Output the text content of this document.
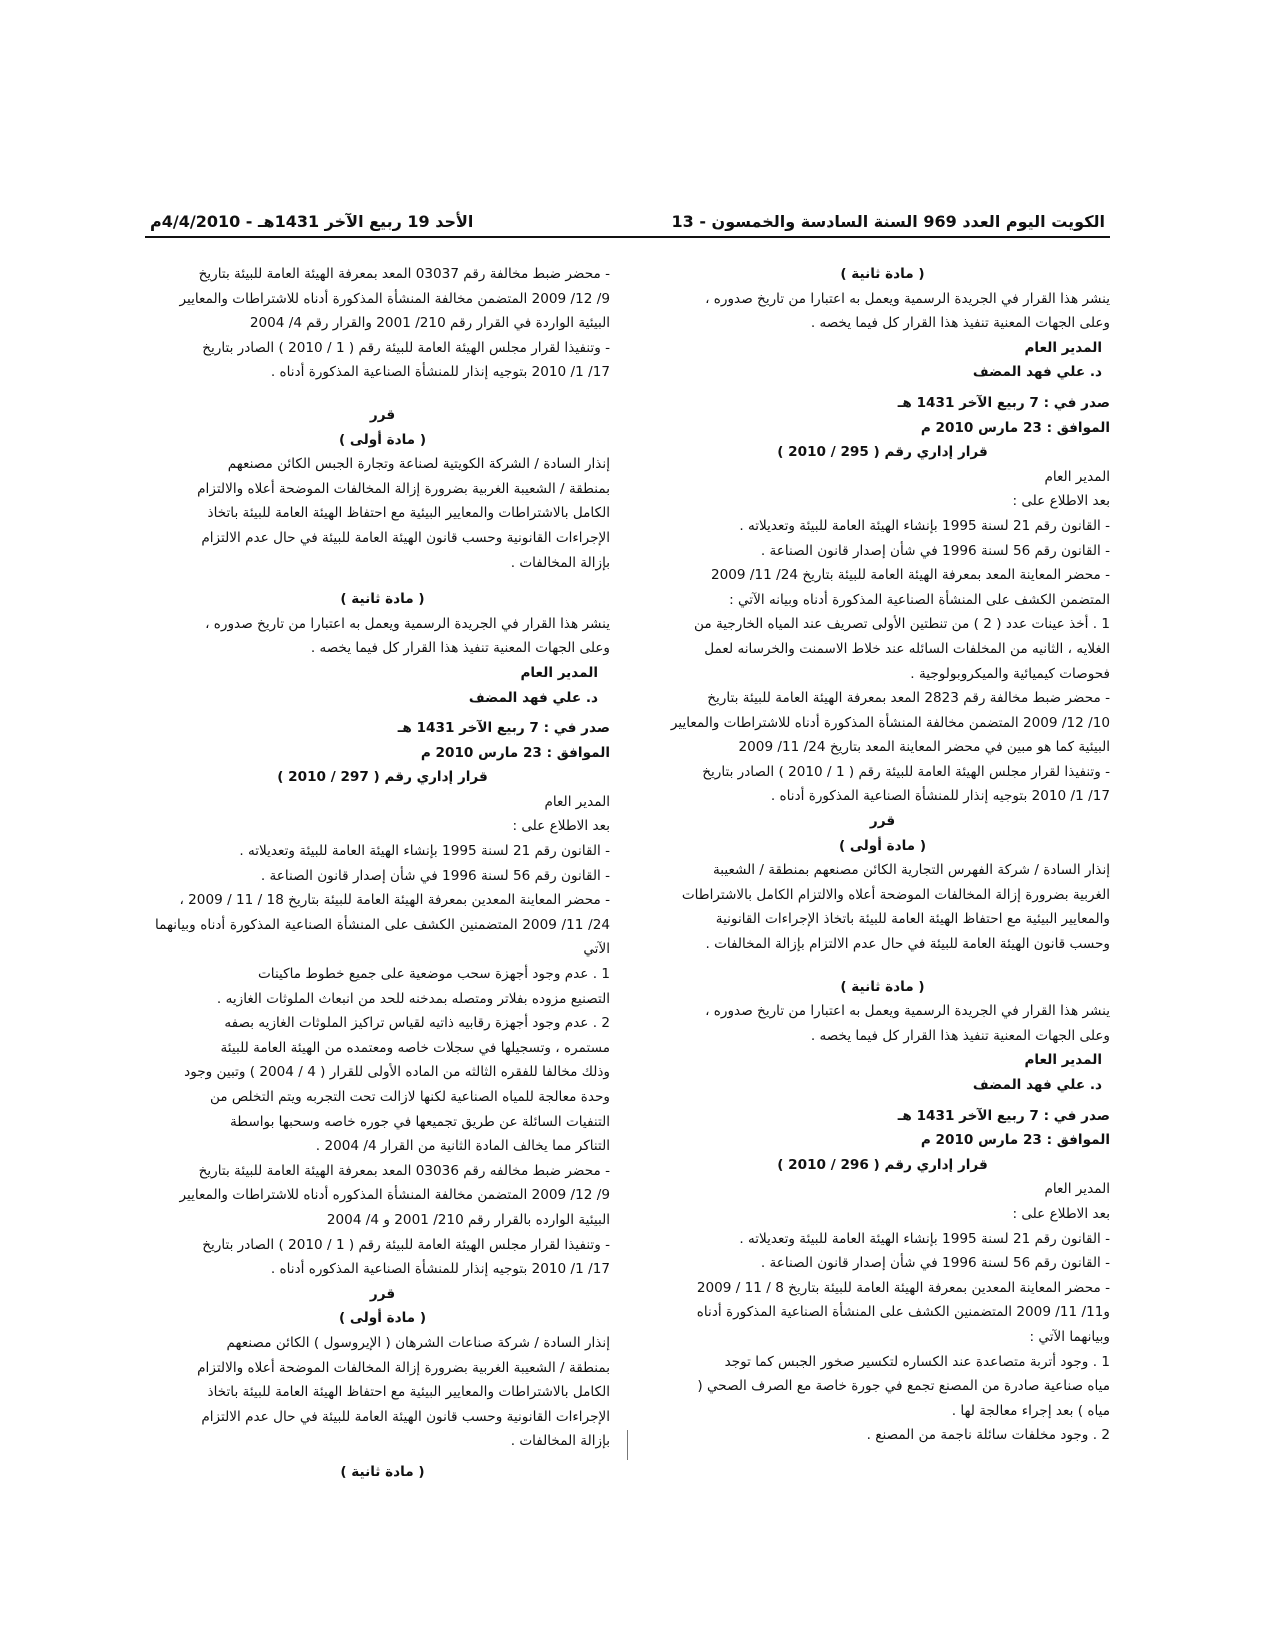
الكويت اليوم العدد 969 السنة السادسة والخمسون - 13
الأحد 19 ربيع الآخر 1431هـ - 4/4/2010م

( مادة ثانية )

ينشر هذا القرار في الجريدة الرسمية ويعمل به اعتبارا من تاريخ صدوره ،

وعلى الجهات المعنية تنفيذ هذا القرار كل فيما يخصه .

المدير العام

د. علي فهد المضف

صدر في : 7 ربيع الآخر 1431 هـ

الموافق : 23 مارس 2010 م

قرار إداري رقم ( 295 / 2010 )

المدير العام

بعد الاطلاع على :

- القانون رقم 21 لسنة 1995 بإنشاء الهيئة العامة للبيئة وتعديلاته .

- القانون رقم 56 لسنة 1996 في شأن إصدار قانون الصناعة .

- محضر المعاينة المعد بمعرفة الهيئة العامة للبيئة بتاريخ 24/ 11/ 2009

المتضمن الكشف على المنشأة الصناعية المذكورة أدناه وبيانه الآتي :

1 . أخذ عينات عدد ( 2 ) من تنطتين الأولى تصريف عند المياه الخارجية من

الغلايه ، الثانيه من المخلفات السائله عند خلاط الاسمنت والخرسانه لعمل

فحوصات كيميائية والميكروبولوجية .

- محضر ضبط مخالفة رقم 2823 المعد بمعرفة الهيئة العامة للبيئة بتاريخ

10/ 12/ 2009 المتضمن مخالفة المنشأة المذكورة أدناه للاشتراطات والمعايير

البيئية كما هو مبين في محضر المعاينة المعد بتاريخ 24/ 11/ 2009

- وتنفيذا لقرار مجلس الهيئة العامة للبيئة رقم ( 1 / 2010 ) الصادر بتاريخ

17/ 1/ 2010 بتوجيه إنذار للمنشأة الصناعية المذكورة أدناه .

قرر

( مادة أولى )

إنذار السادة / شركة الفهرس التجارية الكائن مصنعهم بمنطقة / الشعيبة

الغربية بضرورة إزالة المخالفات الموضحة أعلاه والالتزام الكامل بالاشتراطات

والمعايير البيئية مع احتفاظ الهيئة العامة للبيئة باتخاذ الإجراءات القانونية

وحسب قانون الهيئة العامة للبيئة في حال عدم الالتزام بإزالة المخالفات .

( مادة ثانية )

ينشر هذا القرار في الجريدة الرسمية ويعمل به اعتبارا من تاريخ صدوره ،

وعلى الجهات المعنية تنفيذ هذا القرار كل فيما يخصه .

المدير العام

د. علي فهد المضف

صدر في : 7 ربيع الآخر 1431 هـ

الموافق : 23 مارس 2010 م

قرار إداري رقم ( 296 / 2010 )

المدير العام

بعد الاطلاع على :

- القانون رقم 21 لسنة 1995 بإنشاء الهيئة العامة للبيئة وتعديلاته .

- القانون رقم 56 لسنة 1996 في شأن إصدار قانون الصناعة .

- محضر المعاينة المعدين بمعرفة الهيئة العامة للبيئة بتاريخ 8 / 11 / 2009

و11/ 11/ 2009 المتضمنين الكشف على المنشأة الصناعية المذكورة أدناه

وبيانهما الآتي :

1 . وجود أتربة متصاعدة عند الكساره لتكسير صخور الجبس كما توجد

مياه صناعية صادرة من المصنع تجمع في جورة خاصة مع الصرف الصحي (

مياه ) بعد إجراء معالجة لها .

2 . وجود مخلفات سائلة ناجمة من المصنع .

- محضر ضبط مخالفة رقم 03037 المعد بمعرفة الهيئة العامة للبيئة بتاريخ

9/ 12/ 2009 المتضمن مخالفة المنشأة المذكورة أدناه للاشتراطات والمعايير

البيئية الواردة في القرار رقم 210/ 2001 والقرار رقم 4/ 2004

- وتنفيذا لقرار مجلس الهيئة العامة للبيئة رقم ( 1 / 2010 ) الصادر بتاريخ

17/ 1/ 2010 بتوجيه إنذار للمنشأة الصناعية المذكورة أدناه .

قرر

( مادة أولى )

إنذار السادة / الشركة الكويتية لصناعة وتجارة الجبس الكائن مصنعهم

بمنطقة / الشعيبة الغربية بضرورة إزالة المخالفات الموضحة أعلاه والالتزام

الكامل بالاشتراطات والمعايير البيئية مع احتفاظ الهيئة العامة للبيئة باتخاذ

الإجراءات القانونية وحسب قانون الهيئة العامة للبيئة في حال عدم الالتزام

بإزالة المخالفات .

( مادة ثانية )

ينشر هذا القرار في الجريدة الرسمية ويعمل به اعتبارا من تاريخ صدوره ،

وعلى الجهات المعنية تنفيذ هذا القرار كل فيما يخصه .

المدير العام

د. علي فهد المضف

صدر في : 7 ربيع الآخر 1431 هـ

الموافق : 23 مارس 2010 م

قرار إداري رقم ( 297 / 2010 )

المدير العام

بعد الاطلاع على :

- القانون رقم 21 لسنة 1995 بإنشاء الهيئة العامة للبيئة وتعديلاته .

- القانون رقم 56 لسنة 1996 في شأن إصدار قانون الصناعة .

- محضر المعاينة المعدين بمعرفة الهيئة العامة للبيئة بتاريخ 18 / 11 / 2009 ،

24/ 11/ 2009 المتضمنين الكشف على المنشأة الصناعية المذكورة أدناه وبيانهما الآتي

1 . عدم وجود أجهزة سحب موضعية على جميع خطوط ماكينات

التصنيع مزوده بفلاتر ومتصله بمدخنه للحد من انبعاث الملوثات الغازيه .

2 . عدم وجود أجهزة رقابيه ذاتيه لقياس تراكيز الملوثات الغازيه بصفه

مستمره ، وتسجيلها في سجلات خاصه ومعتمده من الهيئة العامة للبيئة

وذلك مخالفا للفقره الثالثه من الماده الأولى للقرار ( 4 / 2004 ) وتبين وجود

وحدة معالجة للمياه الصناعية لكنها لازالت تحت التجربه ويتم التخلص من

التنفيات السائلة عن طريق تجميعها في جوره خاصه وسحبها بواسطة

التناكر مما يخالف المادة الثانية من القرار 4/ 2004 .

- محضر ضبط مخالفه رقم 03036 المعد بمعرفة الهيئة العامة للبيئة بتاريخ

9/ 12/ 2009 المتضمن مخالفة المنشأة المذكوره أدناه للاشتراطات والمعايير

البيئية الوارده بالقرار رقم 210/ 2001 و 4/ 2004

- وتنفيذا لقرار مجلس الهيئة العامة للبيئة رقم ( 1 / 2010 ) الصادر بتاريخ

17/ 1/ 2010 بتوجيه إنذار للمنشأة الصناعية المذكوره أدناه .

قرر

( مادة أولى )

إنذار السادة / شركة صناعات الشرهان ( الإيروسول ) الكائن مصنعهم

بمنطقة / الشعيبة الغربية بضرورة إزالة المخالفات الموضحة أعلاه والالتزام

الكامل بالاشتراطات والمعايير البيئية مع احتفاظ الهيئة العامة للبيئة باتخاذ

الإجراءات القانونية وحسب قانون الهيئة العامة للبيئة في حال عدم الالتزام

بإزالة المخالفات .

( مادة ثانية )
